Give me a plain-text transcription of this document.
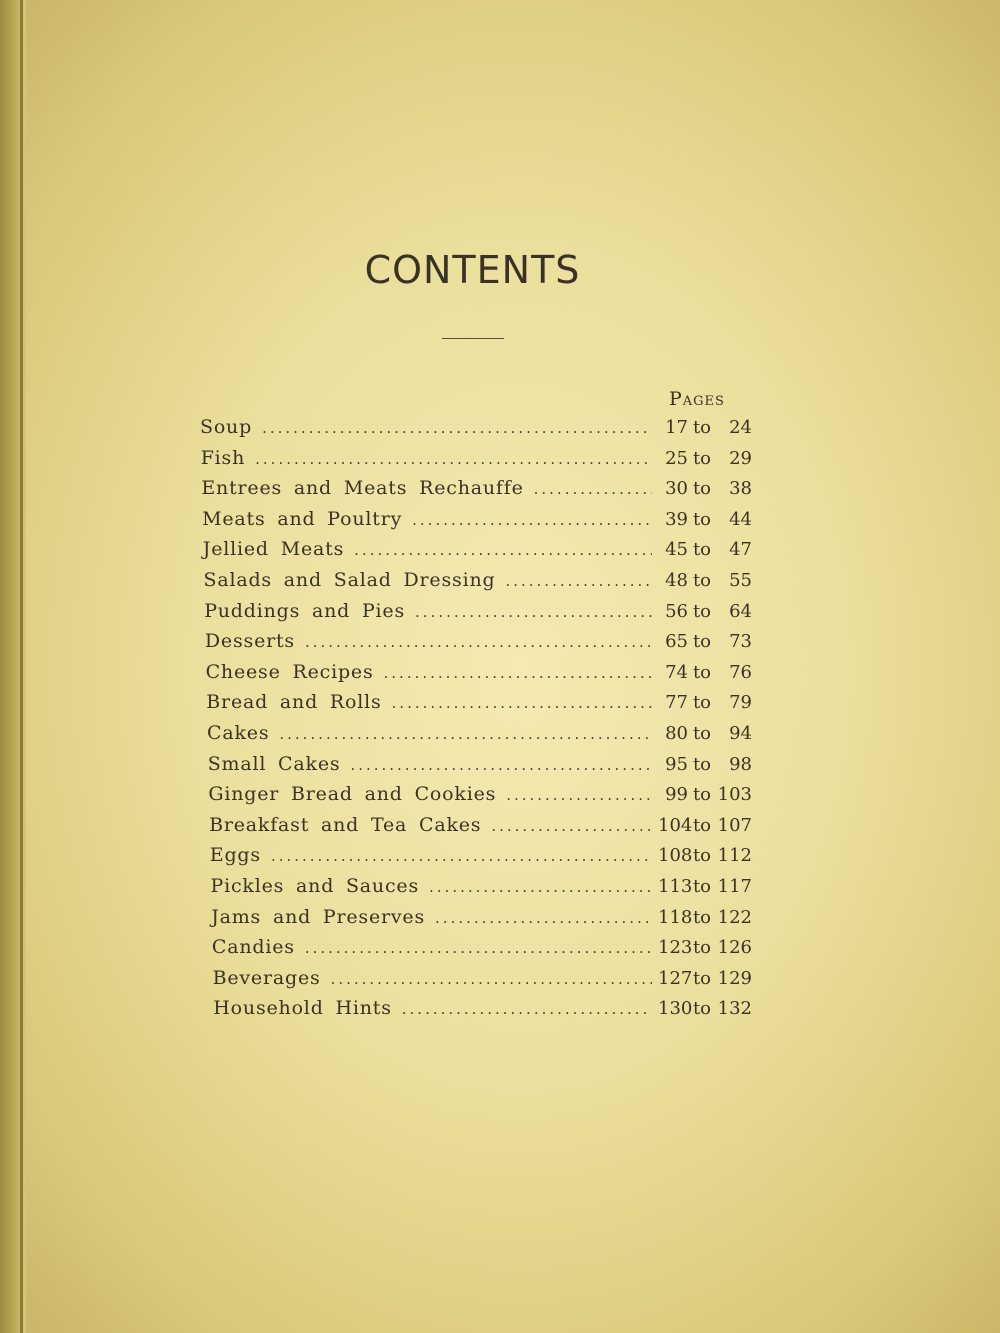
CONTENTS
Pages
Soup .....	17 to	24
Fish .....	25 to	29
Entrees and Meats Rechauffe .....	30 to	38
Meats and Poultry .....	39 to	44
Jellied Meats .....	45 to	47
Salads and Salad Dressing .....	48 to	55
Puddings and Pies .....	56 to	64
Desserts .....	65 to	73
Cheese Recipes .....	74 to	76
Bread and Rolls .....	77 to	79
Cakes .....	80 to	94
Small Cakes .....	95 to	98
Ginger Bread and Cookies .....	99 to 103
Breakfast and Tea Cakes .....	104 to 107
Eggs .....	108 to 112
Pickles and Sauces .....	113 to 117
Jams and Preserves .....	118 to 122
Candies .....	123 to 126
Beverages .....	127 to 129
Household Hints .....	130 to 132
